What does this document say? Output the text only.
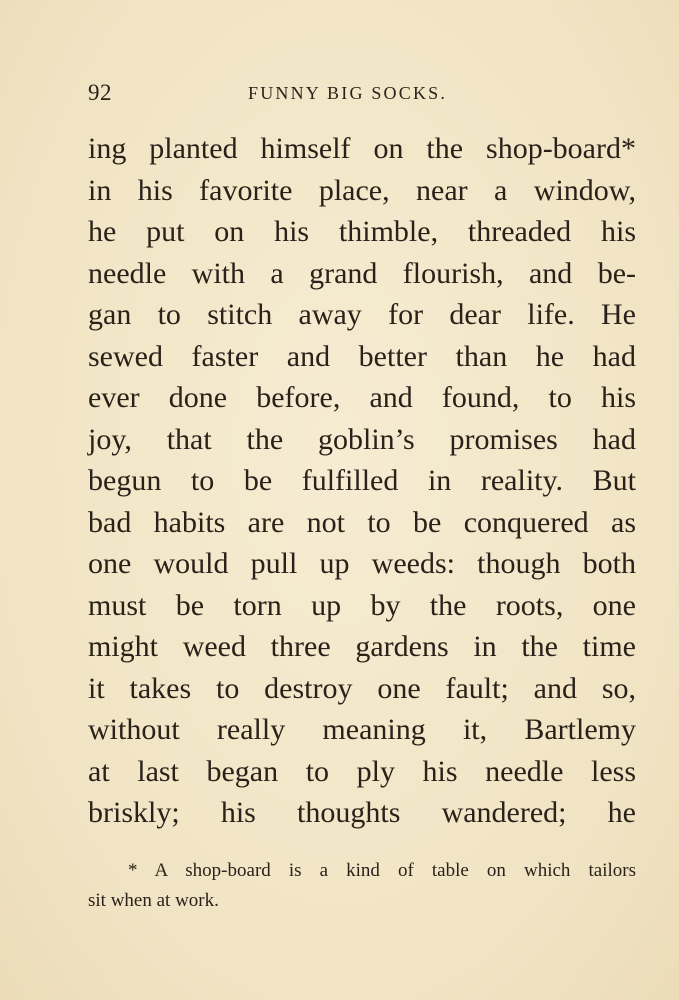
92	FUNNY BIG SOCKS.
ing planted himself on the shop-board*
in his favorite place, near a window,
he put on his thimble, threaded his
needle with a grand flourish, and be-
gan to stitch away for dear life. He
sewed faster and better than he had
ever done before, and found, to his
joy, that the goblin’s promises had
begun to be fulfilled in reality. But
bad habits are not to be conquered as
one would pull up weeds: though both
must be torn up by the roots, one
might weed three gardens in the time
it takes to destroy one fault; and so,
without really meaning it, Bartlemy
at last began to ply his needle less
briskly; his thoughts wandered; he
* A shop-board is a kind of table on which tailors
sit when at work.
